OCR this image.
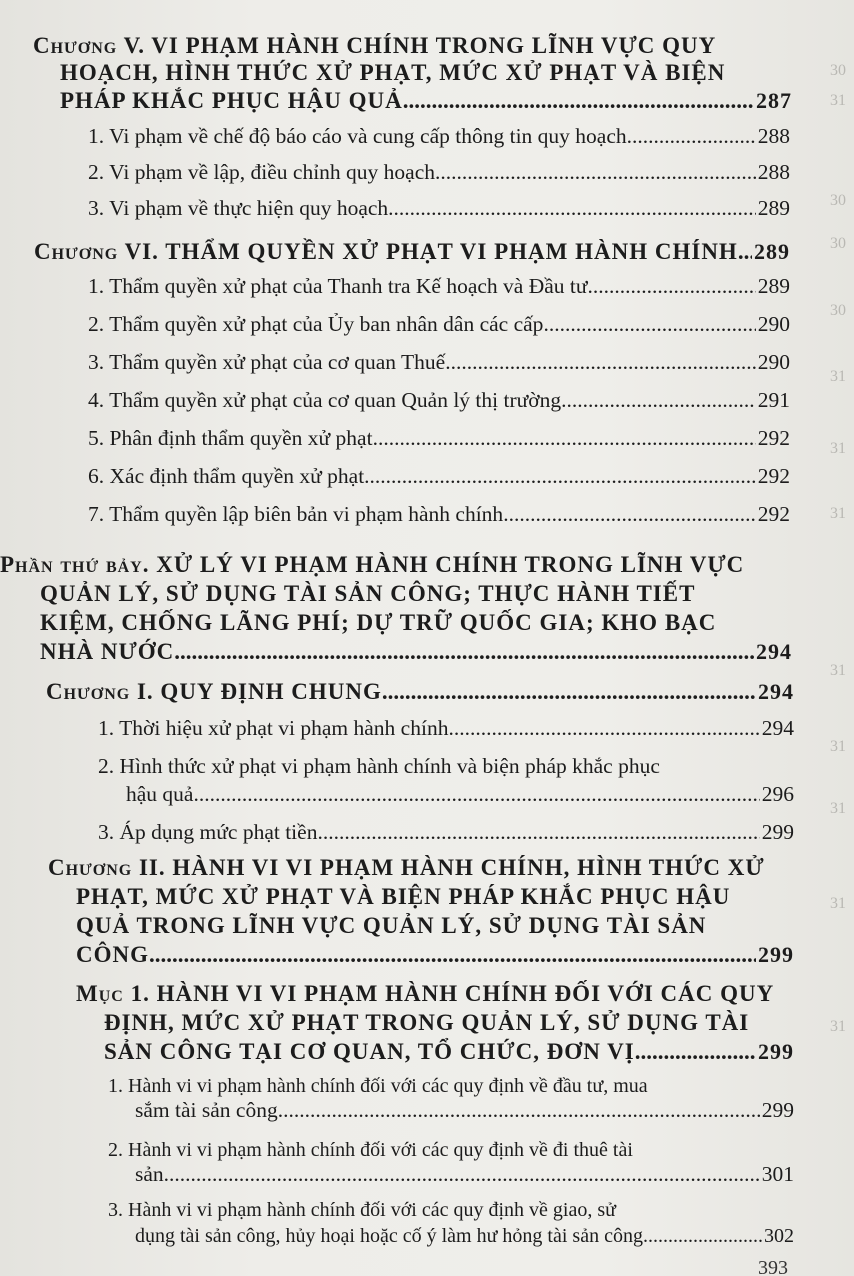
30
31
30
30
30
31
31
31
31
31
31
31
31
Chương V. VI PHẠM HÀNH CHÍNH TRONG LĨNH VỰC QUY
HOẠCH, HÌNH THỨC XỬ PHẠT, MỨC XỬ PHẠT VÀ BIỆN
PHÁP KHẮC PHỤC HẬU QUẢ .....	287
1. Vi phạm về chế độ báo cáo và cung cấp thông tin quy hoạch .....	288
2. Vi phạm về lập, điều chỉnh quy hoạch .....	288
3. Vi phạm về thực hiện quy hoạch .....	289
Chương VI. THẨM QUYỀN XỬ PHẠT VI PHẠM HÀNH CHÍNH ..... 289
1. Thẩm quyền xử phạt của Thanh tra Kế hoạch và Đầu tư .....	289
2. Thẩm quyền xử phạt của Ủy ban nhân dân các cấp .....	290
3. Thẩm quyền xử phạt của cơ quan Thuế .....	290
4. Thẩm quyền xử phạt của cơ quan Quản lý thị trường .....	291
5. Phân định thẩm quyền xử phạt .....	292
6. Xác định thẩm quyền xử phạt .....	292
7. Thẩm quyền lập biên bản vi phạm hành chính .....	292
Phần thứ bảy. XỬ LÝ VI PHẠM HÀNH CHÍNH TRONG LĨNH VỰC
QUẢN LÝ, SỬ DỤNG TÀI SẢN CÔNG; THỰC HÀNH TIẾT
KIỆM, CHỐNG LÃNG PHÍ; DỰ TRỮ QUỐC GIA; KHO BẠC
NHÀ NƯỚC .....	294
Chương I. QUY ĐỊNH CHUNG .....	294
1. Thời hiệu xử phạt vi phạm hành chính .....	294
2. Hình thức xử phạt vi phạm hành chính và biện pháp khắc phục
hậu quả .....	296
3. Áp dụng mức phạt tiền .....	299
Chương II. HÀNH VI VI PHẠM HÀNH CHÍNH, HÌNH THỨC XỬ
PHẠT, MỨC XỬ PHẠT VÀ BIỆN PHÁP KHẮC PHỤC HẬU
QUẢ TRONG LĨNH VỰC QUẢN LÝ, SỬ DỤNG TÀI SẢN
CÔNG .....	299
Mục 1. HÀNH VI VI PHẠM HÀNH CHÍNH ĐỐI VỚI CÁC QUY
ĐỊNH, MỨC XỬ PHẠT TRONG QUẢN LÝ, SỬ DỤNG TÀI
SẢN CÔNG TẠI CƠ QUAN, TỔ CHỨC, ĐƠN VỊ .....	299
1. Hành vi vi phạm hành chính đối với các quy định về đầu tư, mua
sắm tài sản công .....	299
2. Hành vi vi phạm hành chính đối với các quy định về đi thuê tài
sản .....	301
3. Hành vi vi phạm hành chính đối với các quy định về giao, sử
dụng tài sản công, hủy hoại hoặc cố ý làm hư hỏng tài sản công .....	302
393
